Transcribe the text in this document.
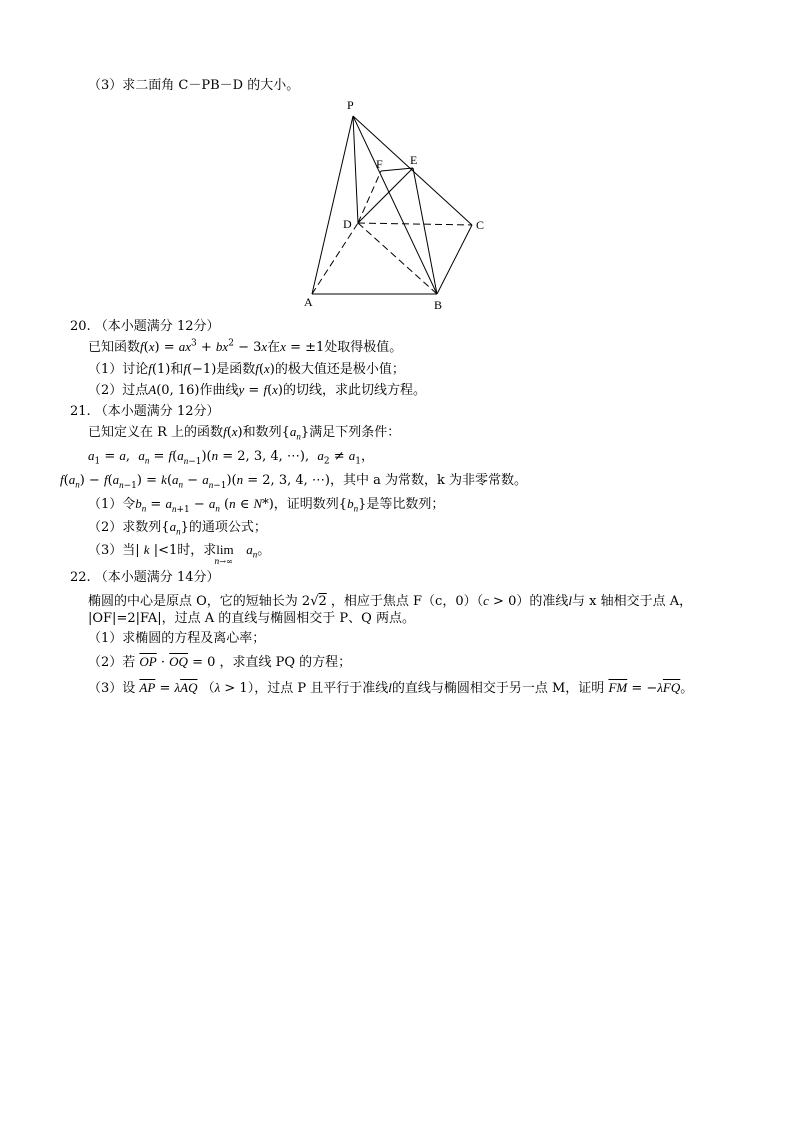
（3）求二面角 C－PB－D 的大小。
P
F E
D	C
A	B
20. （本小题满分 12分）
已知函数$f(x) = ax^3 + bx^2 - 3x$在x = ±1处取得极值。
（1）讨论f(1)和f(−1)是函数f(x)的极大值还是极小值；
（2）过点A(0, 16)作曲线y = f(x)的切线，求此切线方程。
21. （本小题满分 12分）
已知定义在 R 上的函数f(x)和数列$\{a_n\}$满足下列条件：
$a_1 = a$,  $a_n = f(a_{n-1})(n = 2$, 3, 4, ⋯),  $a_2 \ne a_1$，
$f(a_n) - f(a_{n-1}) = k(a_n - a_{n-1})(n = 2$, 3, 4, ⋯)，其中 a 为常数，k 为非零常数。
（1）令$b_n = a_{n+1} - a_n$ (n ∈ N*)，证明数列$\{b_n\}$是等比数列；
（2）求数列$\{a_n\}$的通项公式；
（3）当| k |<1时，求lim
n→∞
$a_n$。
22. （本小题满分 14分）
椭圆的中心是原点 O，它的短轴长为 2√2 ，相应于焦点 F（c，0）（c > 0）的准线l与 x 轴相交于点 A，
|OF|=2|FA|，过点 A 的直线与椭圆相交于 P、Q 两点。
（1）求椭圆的方程及离心率；
（2）若 $\overline{OP} \cdot \overline{OQ} = 0$ ，求直线 PQ 的方程；
（3）设 $\overline{AP} = \lambda\overline{AQ}$ （λ > 1），过点 P 且平行于准线l的直线与椭圆相交于另一点 M，证明 $\overline{FM} = -\lambda\overline{FQ}$。
